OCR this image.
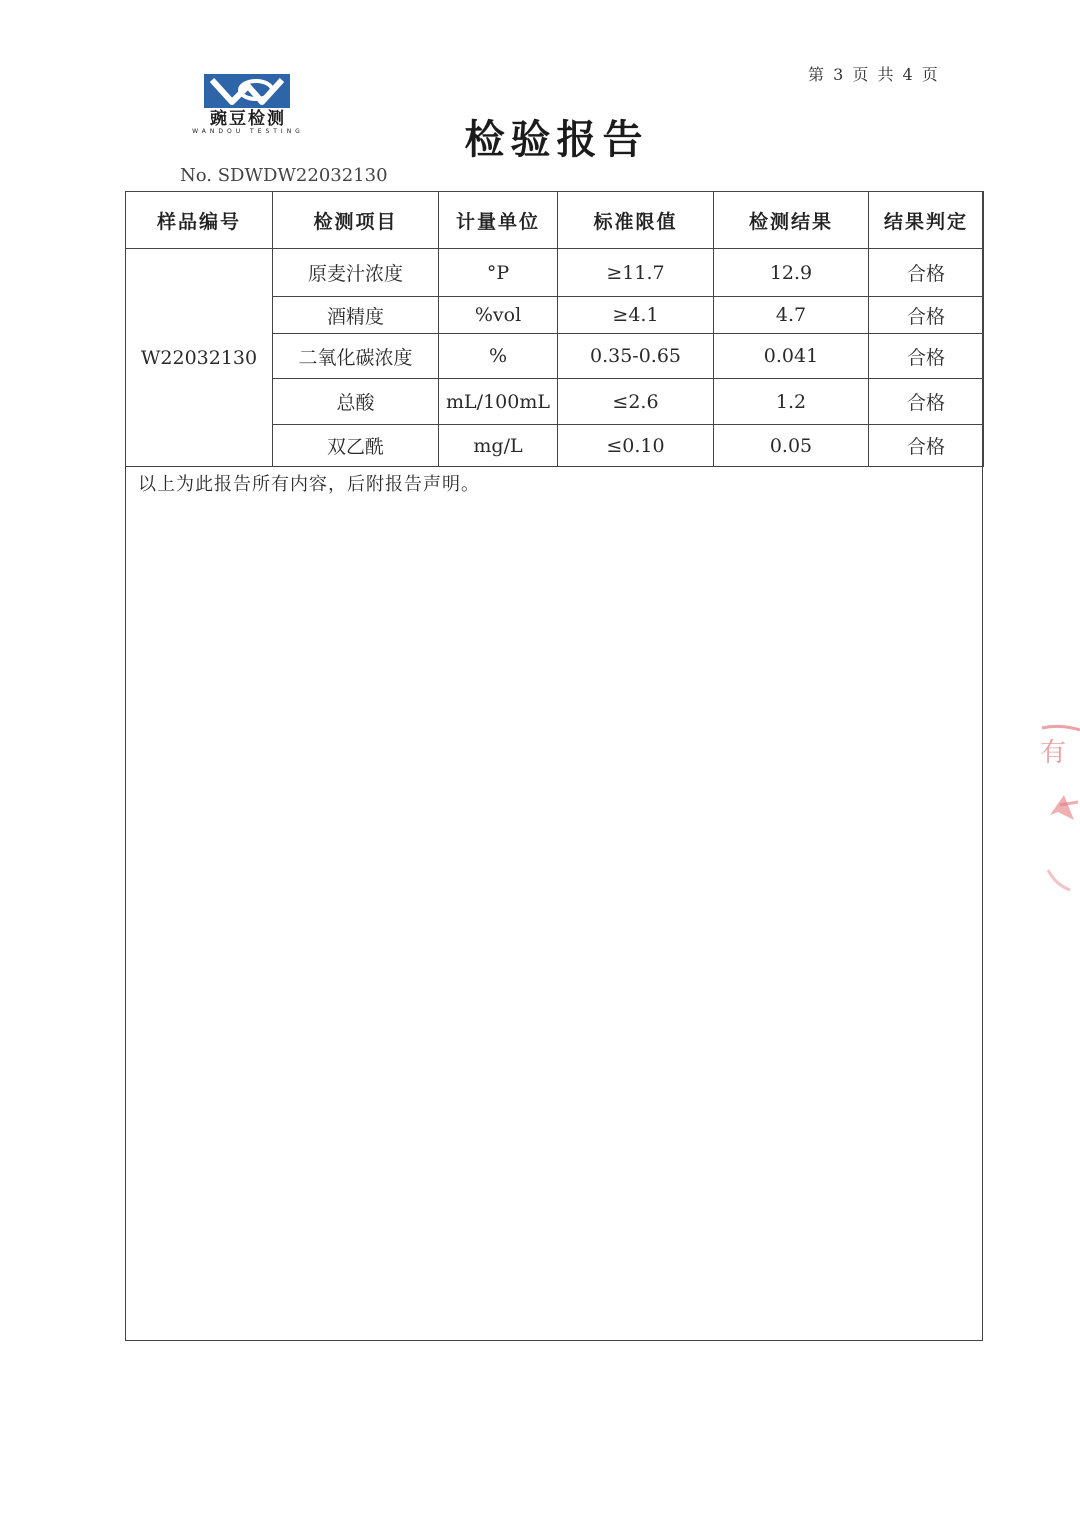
第 3 页 共 4 页
豌豆检测
WANDOU TESTING	检验报告
No. SDWDW22032130
样品编号	检测项目	计量单位	标准限值	检测结果	结果判定
W22032130	原麦汁浓度	°P	≥11.7	12.9	合格
	酒精度	%vol	≥4.1	4.7	合格
	二氧化碳浓度	%	0.35-0.65	0.041	合格
	总酸	mL/100mL	≤2.6	1.2	合格
	双乙酰	mg/L	≤0.10	0.05	合格
以上为此报告所有内容，后附报告声明。
有
